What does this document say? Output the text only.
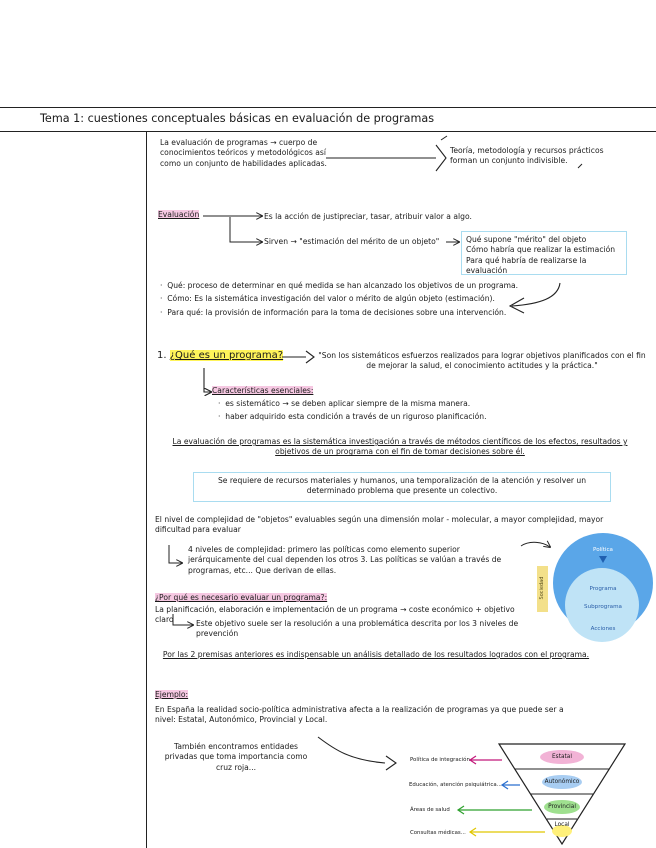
Tema 1: cuestiones conceptuales básicas en evaluación de programas
La evaluación de programas → cuerpo de conocimientos teóricos y metodológicos así como un conjunto de habilidades aplicadas.
Teoría, metodología y recursos prácticos forman un conjunto indivisible.
Evaluación	Es la acción de justipreciar, tasar, atribuir valor a algo.
Sirven → "estimación del mérito de un objeto"	Qué supone "mérito" del objeto
Cómo habría que realizar la estimación
Para qué habría de realizarse la evaluación
·  Qué: proceso de determinar en qué medida se han alcanzado los objetivos de un programa.
·  Cómo: Es la sistemática investigación del valor o mérito de algún objeto (estimación).
·  Para qué: la provisión de información para la toma de decisiones sobre una intervención.
1. ¿Qué es un programa?	"Son los sistemáticos esfuerzos realizados para lograr objetivos planificados con el fin de mejorar la salud, el conocimiento actitudes y la práctica."
Características esenciales:
·  es sistemático → se deben aplicar siempre de la misma manera.
·  haber adquirido esta condición a través de un riguroso planificación.
La evaluación de programas es la sistemática investigación a través de métodos científicos de los efectos, resultados y objetivos de un programa con el fin de tomar decisiones sobre él.
Se requiere de recursos materiales y humanos, una temporalización de la atención y resolver un determinado problema que presente un colectivo.
El nivel de complejidad de "objetos" evaluables según una dimensión molar - molecular, a mayor complejidad, mayor dificultad para evaluar
4 niveles de complejidad: primero las políticas como elemento superior jerárquicamente del cual dependen los otros 3. Las políticas se valúan a través de programas, etc... Que derivan de ellas.
¿Por qué es necesario evaluar un programa?:
La planificación, elaboración e implementación de un programa → coste económico + objetivo claro	Este objetivo suele ser la resolución a una problemática descrita por los 3 niveles de prevención
Por las 2 premisas anteriores es indispensable un análisis detallado de los resultados logrados con el programa.
Política
Programa
Subprograma
Acciones
Sociedad
Ejemplo:
En España la realidad socio-política administrativa afecta a la realización de programas ya que puede ser a nivel: Estatal, Autonómico, Provincial y Local.
También encontramos entidades privadas que toma importancia como cruz roja...
Estatal
Autonómico
Provincial
Local
Política de integración
Educación, atención psiquiátrica...
Áreas de salud
Consultas médicas...
